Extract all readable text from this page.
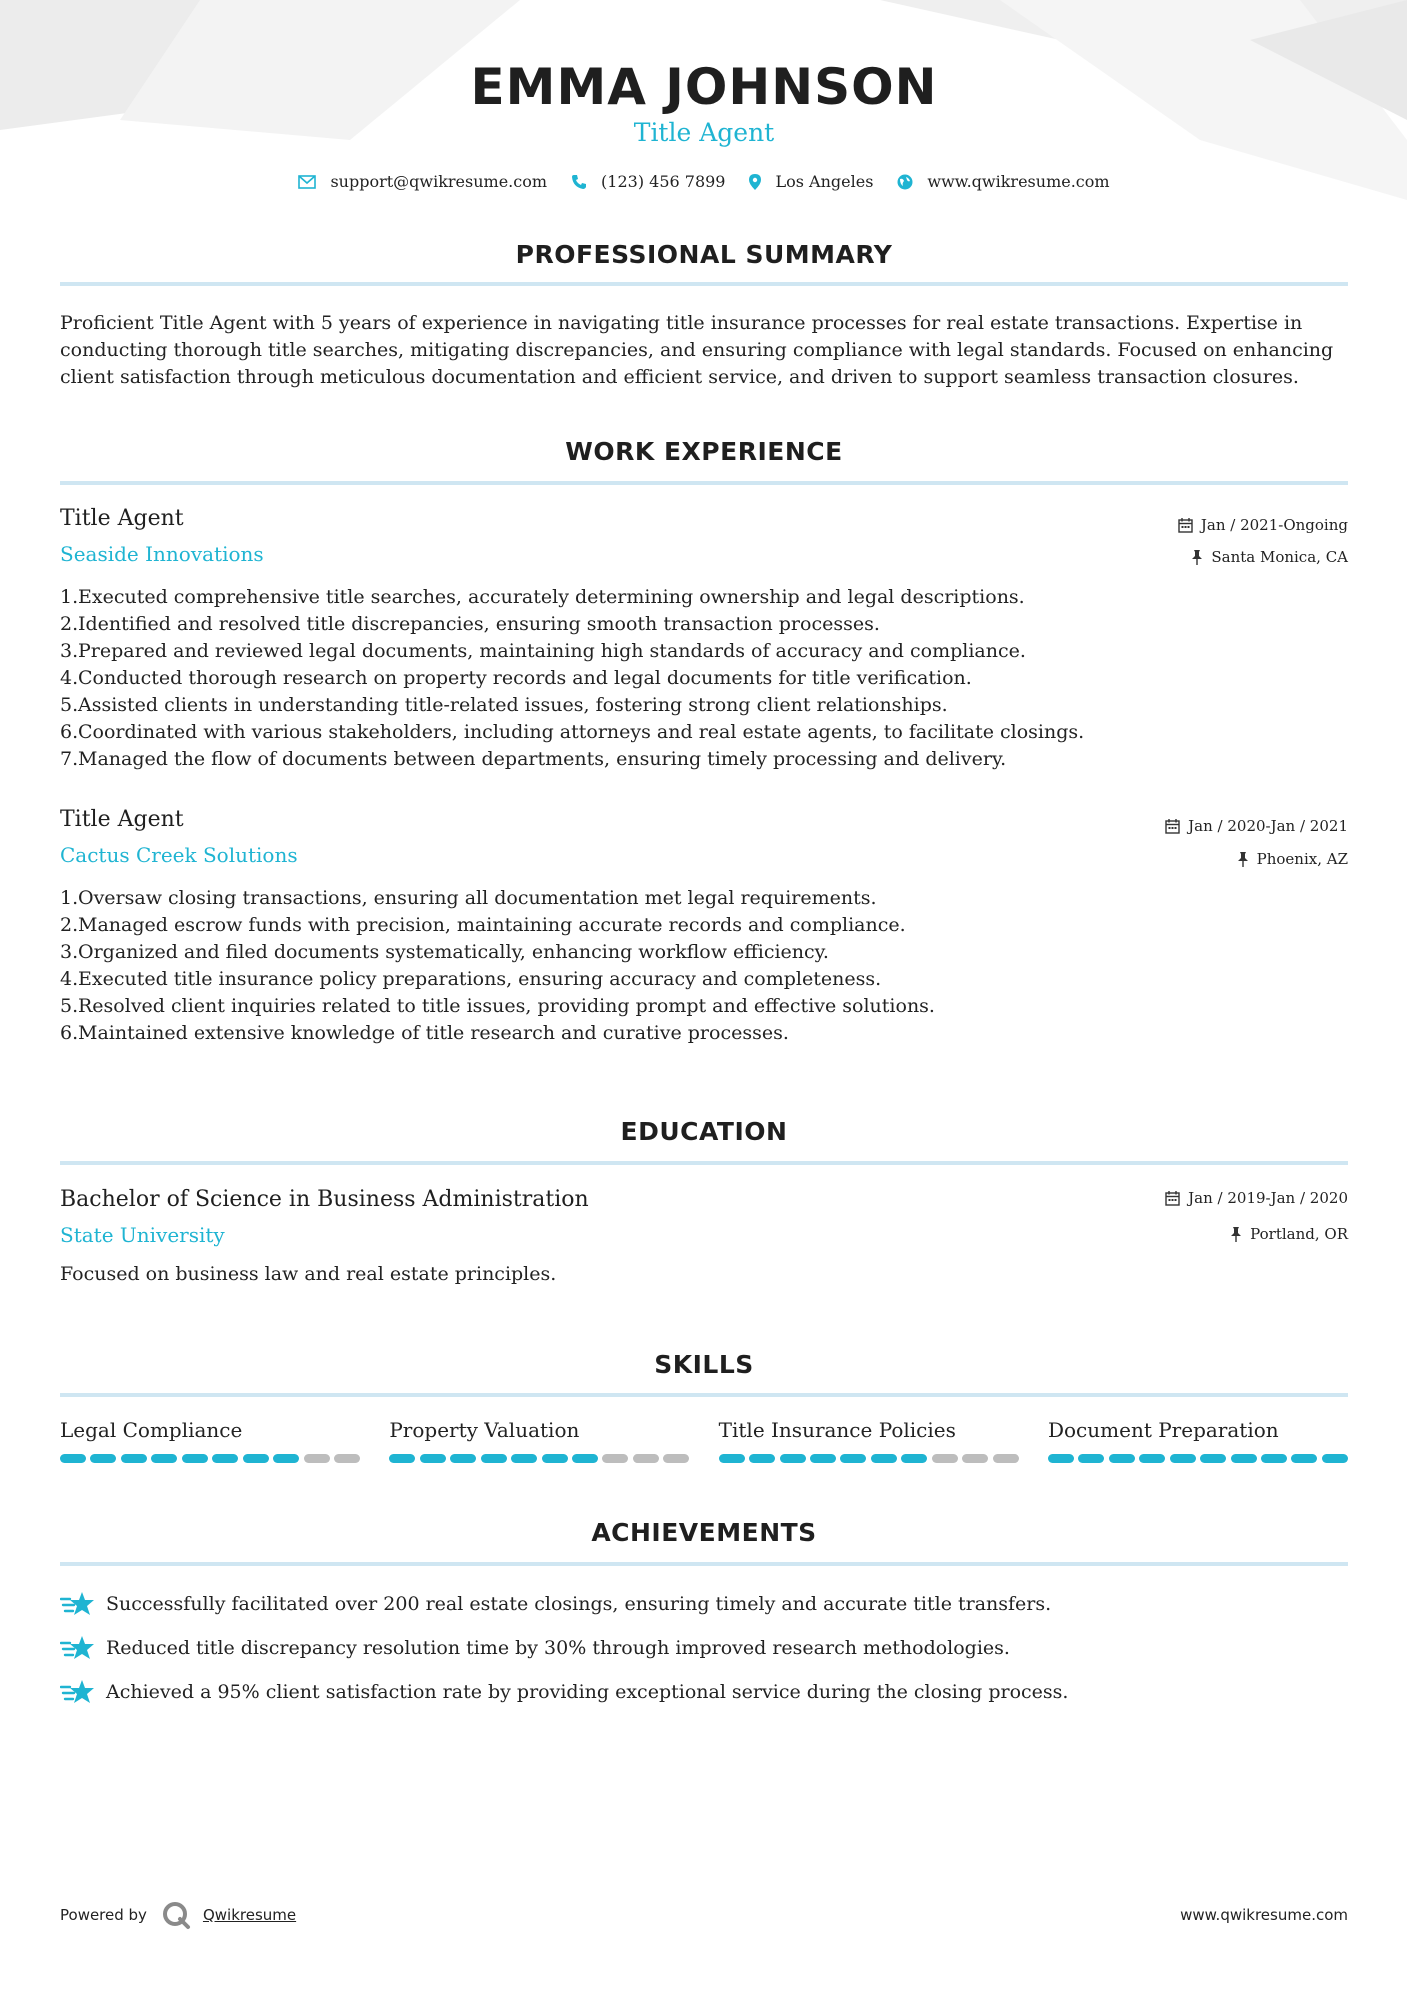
EMMA JOHNSON
Title Agent
support@qwikresume.com	(123) 456 7899	Los Angeles	www.qwikresume.com
PROFESSIONAL SUMMARY
Proficient Title Agent with 5 years of experience in navigating title insurance processes for real estate transactions. Expertise in conducting thorough title searches, mitigating discrepancies, and ensuring compliance with legal standards. Focused on enhancing client satisfaction through meticulous documentation and efficient service, and driven to support seamless transaction closures.
WORK EXPERIENCE
Title Agent
Seaside Innovations
Jan / 2021-Ongoing
Santa Monica, CA
1. Executed comprehensive title searches, accurately determining ownership and legal descriptions.
2. Identified and resolved title discrepancies, ensuring smooth transaction processes.
3. Prepared and reviewed legal documents, maintaining high standards of accuracy and compliance.
4. Conducted thorough research on property records and legal documents for title verification.
5. Assisted clients in understanding title-related issues, fostering strong client relationships.
6. Coordinated with various stakeholders, including attorneys and real estate agents, to facilitate closings.
7. Managed the flow of documents between departments, ensuring timely processing and delivery.
Title Agent
Cactus Creek Solutions
Jan / 2020-Jan / 2021
Phoenix, AZ
1. Oversaw closing transactions, ensuring all documentation met legal requirements.
2. Managed escrow funds with precision, maintaining accurate records and compliance.
3. Organized and filed documents systematically, enhancing workflow efficiency.
4. Executed title insurance policy preparations, ensuring accuracy and completeness.
5. Resolved client inquiries related to title issues, providing prompt and effective solutions.
6. Maintained extensive knowledge of title research and curative processes.
EDUCATION
Bachelor of Science in Business Administration
State University
Jan / 2019-Jan / 2020
Portland, OR
Focused on business law and real estate principles.
SKILLS
Legal Compliance	Property Valuation	Title Insurance Policies	Document Preparation
ACHIEVEMENTS
Successfully facilitated over 200 real estate closings, ensuring timely and accurate title transfers.
Reduced title discrepancy resolution time by 30% through improved research methodologies.
Achieved a 95% client satisfaction rate by providing exceptional service during the closing process.
Powered by	Qwikresume	www.qwikresume.com
